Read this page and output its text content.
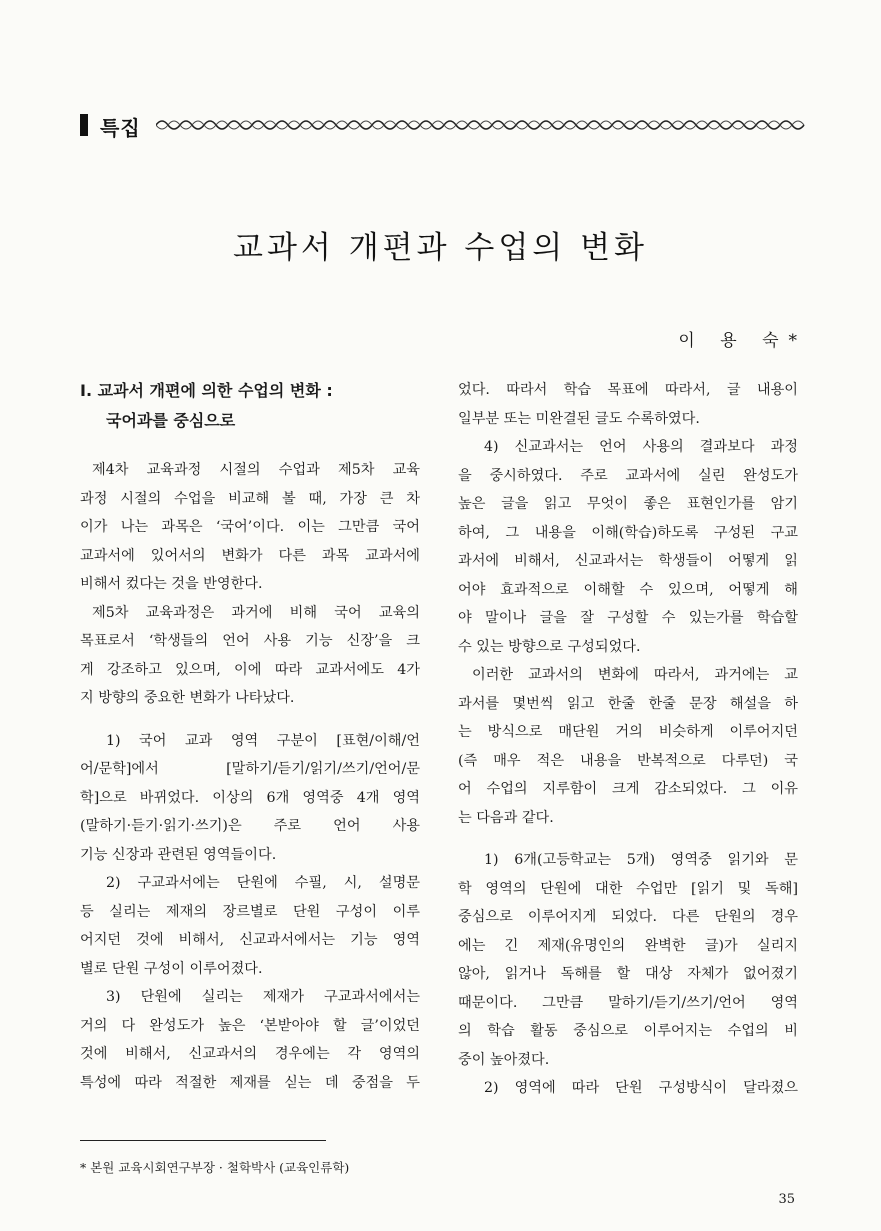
특집
교과서 개편과 수업의 변화
이 용 숙*
Ⅰ. 교과서 개편에 의한 수업의 변화 :
국어과를 중심으로

제4차 교육과정 시절의 수업과 제5차 교육
과정 시절의 수업을 비교해 볼 때, 가장 큰 차
이가 나는 과목은 ‘국어’이다. 이는 그만큼 국어
교과서에 있어서의 변화가 다른 과목 교과서에
비해서 컸다는 것을 반영한다.

제5차 교육과정은 과거에 비해 국어 교육의
목표로서 ‘학생들의 언어 사용 기능 신장’을 크
게 강조하고 있으며, 이에 따라 교과서에도 4가
지 방향의 중요한 변화가 나타났다.

1) 국어 교과 영역 구분이 [표현/이해/언
어/문학]에서 [말하기/듣기/읽기/쓰기/언어/문
학]으로 바뀌었다. 이상의 6개 영역중 4개 영역
(말하기·듣기·읽기·쓰기)은 주로 언어 사용
기능 신장과 관련된 영역들이다.

2) 구교과서에는 단원에 수필, 시, 설명문
등 실리는 제재의 장르별로 단원 구성이 이루
어지던 것에 비해서, 신교과서에서는 기능 영역
별로 단원 구성이 이루어졌다.

3) 단원에 실리는 제재가 구교과서에서는
거의 다 완성도가 높은 ‘본받아야 할 글’이었던
것에 비해서, 신교과서의 경우에는 각 영역의
특성에 따라 적절한 제재를 싣는 데 중점을 두

었다. 따라서 학습 목표에 따라서, 글 내용이
일부분 또는 미완결된 글도 수록하였다.

4) 신교과서는 언어 사용의 결과보다 과정
을 중시하였다. 주로 교과서에 실린 완성도가
높은 글을 읽고 무엇이 좋은 표현인가를 암기
하여, 그 내용을 이해(학습)하도록 구성된 구교
과서에 비해서, 신교과서는 학생들이 어떻게 읽
어야 효과적으로 이해할 수 있으며, 어떻게 해
야 말이나 글을 잘 구성할 수 있는가를 학습할
수 있는 방향으로 구성되었다.

이러한 교과서의 변화에 따라서, 과거에는 교
과서를 몇번씩 읽고 한줄 한줄 문장 해설을 하
는 방식으로 매단원 거의 비슷하게 이루어지던
(즉 매우 적은 내용을 반복적으로 다루던) 국
어 수업의 지루함이 크게 감소되었다. 그 이유
는 다음과 같다.

1) 6개(고등학교는 5개) 영역중 읽기와 문
학 영역의 단원에 대한 수업만 [읽기 및 독해]
중심으로 이루어지게 되었다. 다른 단원의 경우
에는 긴 제재(유명인의 완벽한 글)가 실리지
않아, 읽거나 독해를 할 대상 자체가 없어졌기
때문이다. 그만큼 말하기/듣기/쓰기/언어 영역
의 학습 활동 중심으로 이루어지는 수업의 비
중이 높아졌다.

2) 영역에 따라 단원 구성방식이 달라졌으

* 본원 교육시회연구부장 · 철학박사 (교육인류학)
35
